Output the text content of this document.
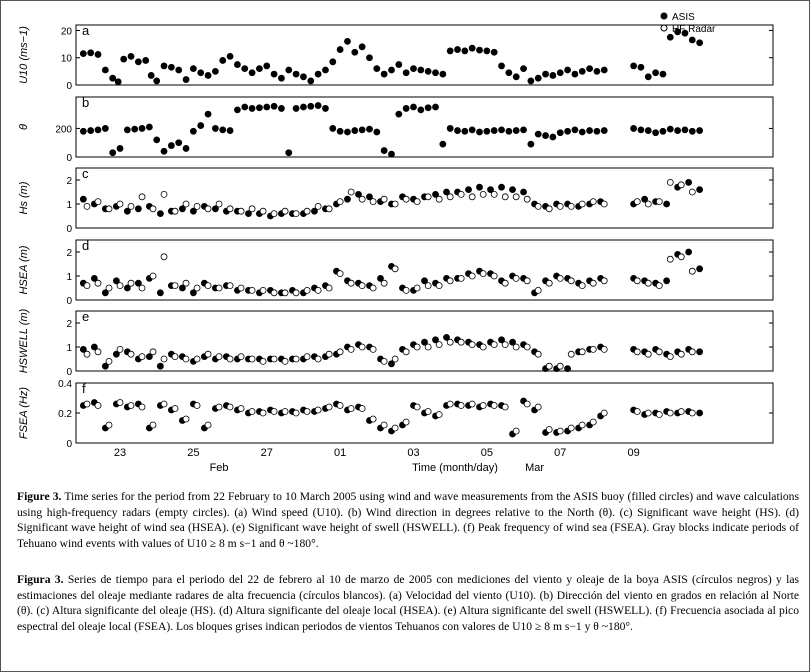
a
0
10
20
U10 (ms−1)
b
0
200
θ
c
0
1
2
Hs (m)
d
0
1
2
HSEA (m)
e
0
1
2
HSWELL (m)
f
0
0.2
0.4
FSEA (Hz)
23	25	27	01	03	05	07	09
Feb	Mar
Time (month/day)
ASIS
HF Radar
Figure 3. Time series for the period from 22 February to 10 March 2005 using wind and wave measurements from the ASIS buoy (filled circles) and wave calculations using high-frequency radars (empty circles). (a) Wind speed (U10). (b) Wind direction in degrees relative to the North (θ). (c) Significant wave height (HS). (d) Significant wave height of wind sea (HSEA). (e) Significant wave height of swell (HSWELL). (f) Peak frequency of wind sea (FSEA). Gray blocks indicate periods of Tehuano wind events with values of U10 ≥ 8 m s−1 and θ ~180°.
Figura 3. Series de tiempo para el periodo del 22 de febrero al 10 de marzo de 2005 con mediciones del viento y oleaje de la boya ASIS (círculos negros) y las estimaciones del oleaje mediante radares de alta frecuencia (círculos blancos). (a) Velocidad del viento (U10). (b) Dirección del viento en grados en relación al Norte (θ). (c) Altura significante del oleaje (HS). (d) Altura significante del oleaje local (HSEA). (e) Altura significante del swell (HSWELL). (f) Frecuencia asociada al pico espectral del oleaje local (FSEA). Los bloques grises indican periodos de vientos Tehuanos con valores de U10 ≥ 8 m s−1 y θ ~180°.
